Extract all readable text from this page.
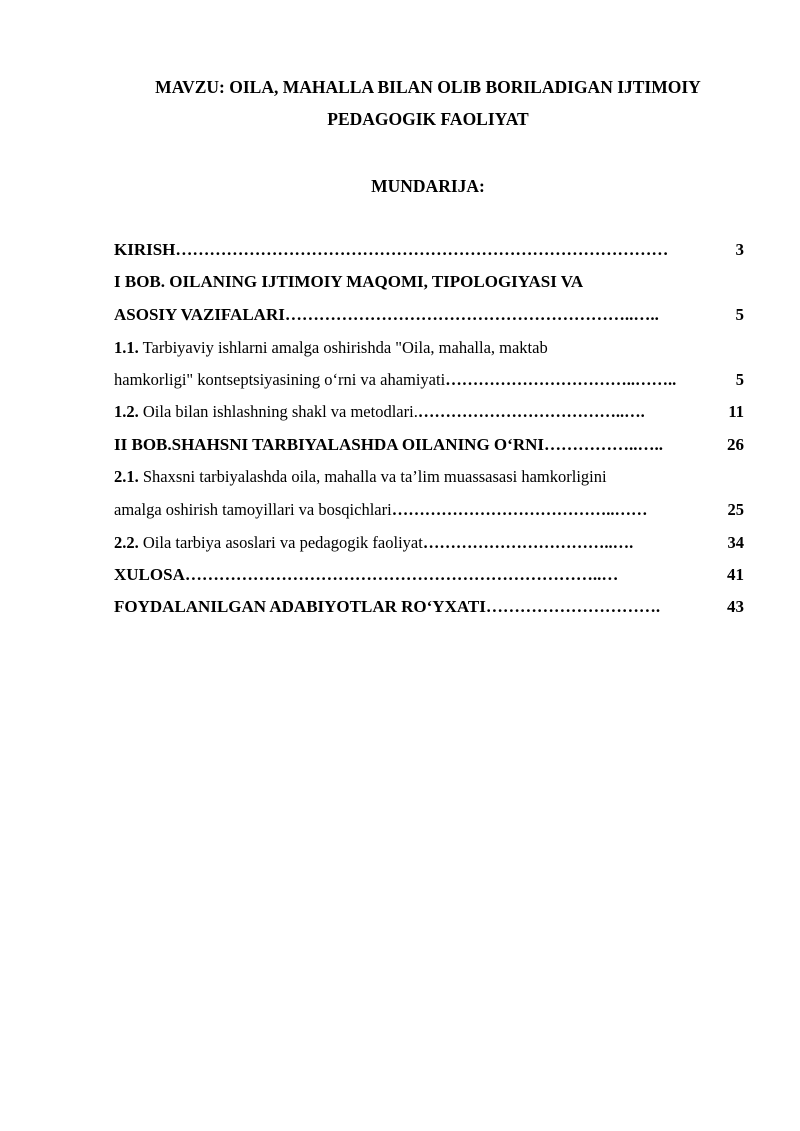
MAVZU: OILA, MAHALLA BILAN OLIB BORILADIGAN IJTIMOIY
PEDAGOGIK FAOLIYAT
MUNDARIJA:
KIRISH ……………………………………………………………………………	3
I BOB. OILANING IJTIMOIY MAQOMI, TIPOLOGIYASI VA
ASOSIY VAZIFALARI ……………………………………………………..…..	5
1.1. Tarbiyaviy ishlarni amalga oshirishda "Oila, mahalla, maktab
hamkorligi" kontseptsiyasining o‘rni va ahamiyati ……………………………..……..	5
1.2. Oila bilan ishlashning shakl va metodlari. ………………………………..….	11
II BOB.SHAHSNI TARBIYALASHDA OILANING O‘RNI ……………..…..	26
2.1. Shaxsni tarbiyalashda oila, mahalla va ta’lim muassasasi hamkorligini
amalga oshirish tamoyillari va bosqichlari …………………………………..……	25
2.2. Oila tarbiya asoslari va pedagogik faoliyat ……………………………..….	34
XULOSA ………………………………………………………………..…	41
FOYDALANILGAN ADABIYOTLAR RO‘YXATI ………………………….	43
